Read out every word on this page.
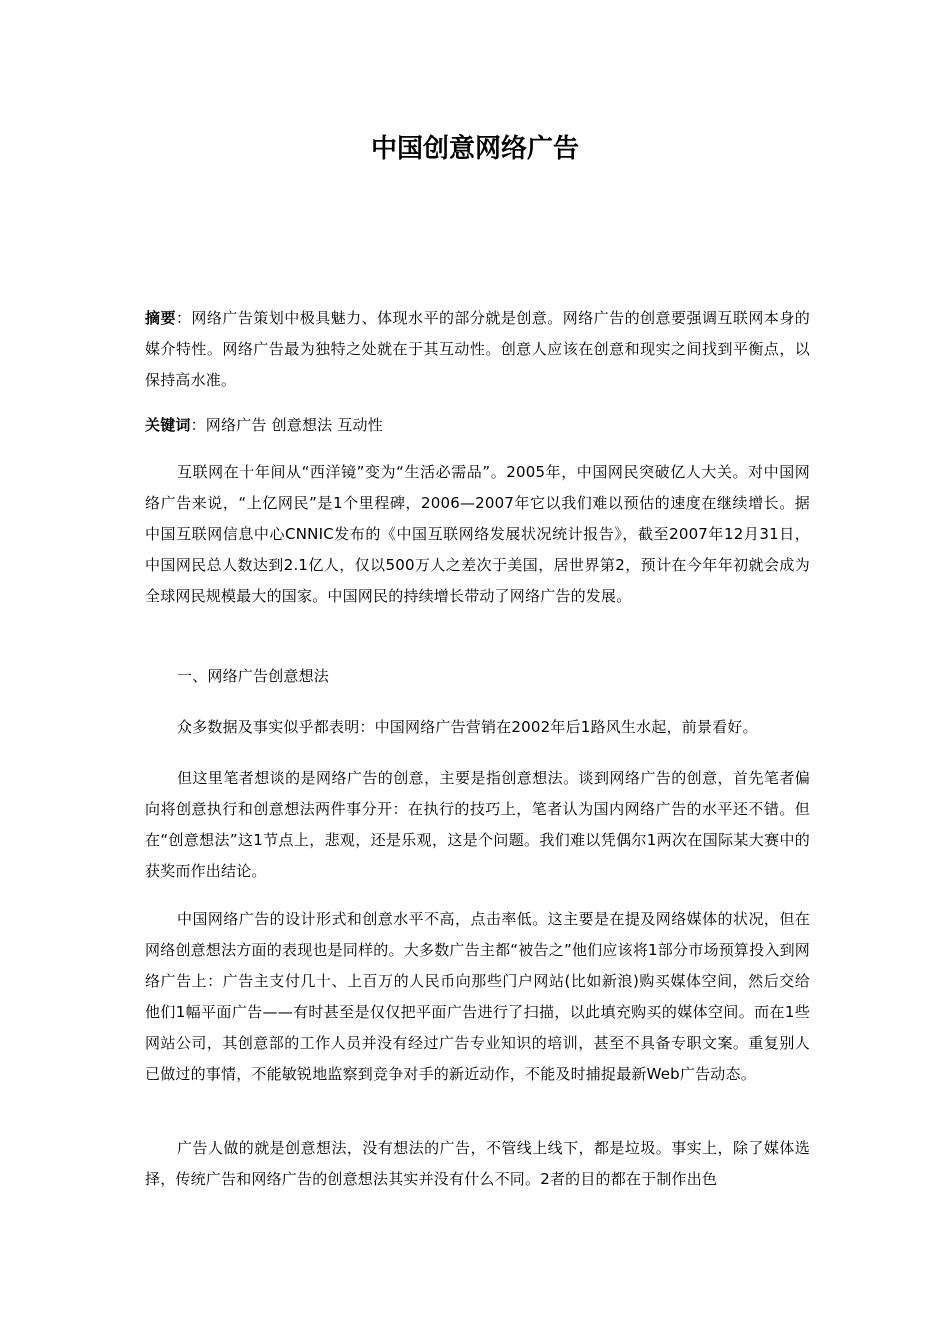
中国创意网络广告

摘要：网络广告策划中极具魅力、体现水平的部分就是创意。网络广告的创意要强调互联网本身的媒介特性。网络广告最为独特之处就在于其互动性。创意人应该在创意和现实之间找到平衡点，以保持高水准。

关键词：网络广告 创意想法 互动性

互联网在十年间从“西洋镜”变为“生活必需品”。2005年，中国网民突破亿人大关。对中国网络广告来说，“上亿网民”是1个里程碑，2006—2007年它以我们难以预估的速度在继续增长。据中国互联网信息中心CNNIC发布的《中国互联网络发展状况统计报告》，截至2007年12月31日，中国网民总人数达到2.1亿人，仅以500万人之差次于美国，居世界第2，预计在今年年初就会成为全球网民规模最大的国家。中国网民的持续增长带动了网络广告的发展。

一、网络广告创意想法

众多数据及事实似乎都表明：中国网络广告营销在2002年后1路风生水起，前景看好。

但这里笔者想谈的是网络广告的创意，主要是指创意想法。谈到网络广告的创意，首先笔者偏向将创意执行和创意想法两件事分开：在执行的技巧上，笔者认为国内网络广告的水平还不错。但在“创意想法”这1节点上，悲观，还是乐观，这是个问题。我们难以凭偶尔1两次在国际某大赛中的获奖而作出结论。

中国网络广告的设计形式和创意水平不高，点击率低。这主要是在提及网络媒体的状况，但在网络创意想法方面的表现也是同样的。大多数广告主都“被告之”他们应该将1部分市场预算投入到网络广告上：广告主支付几十、上百万的人民币向那些门户网站(比如新浪)购买媒体空间，然后交给他们1幅平面广告——有时甚至是仅仅把平面广告进行了扫描，以此填充购买的媒体空间。而在1些网站公司，其创意部的工作人员并没有经过广告专业知识的培训，甚至不具备专职文案。重复别人已做过的事情，不能敏锐地监察到竞争对手的新近动作，不能及时捕捉最新Web广告动态。

广告人做的就是创意想法，没有想法的广告，不管线上线下，都是垃圾。事实上，除了媒体选择，传统广告和网络广告的创意想法其实并没有什么不同。2者的目的都在于制作出色
